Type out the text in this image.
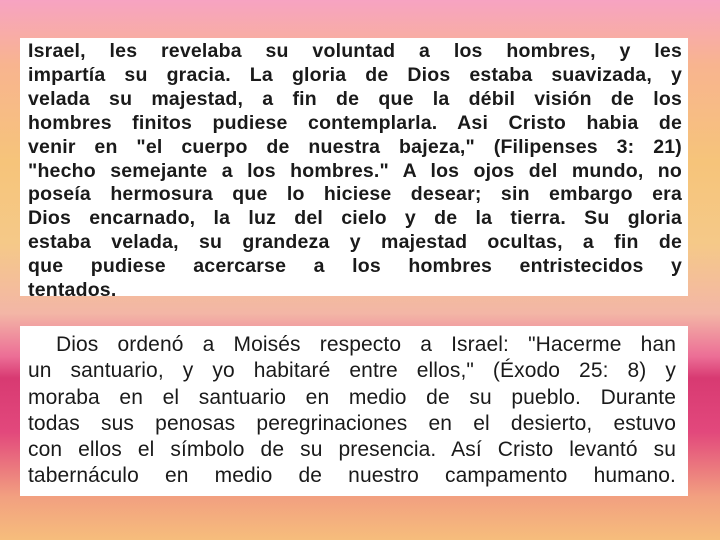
Israel, les revelaba su voluntad a los hombres, y les
impartía su gracia. La gloria de Dios estaba suavizada, y
velada su majestad, a fin de que la débil visión de los
hombres finitos pudiese contemplarla. Asi Cristo habia de
venir en "el cuerpo de nuestra bajeza," (Filipenses 3: 21)
"hecho semejante a los hombres." A los ojos del mundo, no
poseía hermosura que lo hiciese desear; sin embargo era
Dios encarnado, la luz del cielo y de la tierra. Su gloria
estaba velada, su grandeza y majestad ocultas, a fin de
que pudiese acercarse a los hombres entristecidos y
tentados.
Dios ordenó a Moisés respecto a Israel: "Hacerme han
un santuario, y yo habitaré entre ellos," (Éxodo 25: 8) y
moraba en el santuario en medio de su pueblo. Durante
todas sus penosas peregrinaciones en el desierto, estuvo
con ellos el símbolo de su presencia. Así Cristo levantó su
tabernáculo en medio de nuestro campamento humano.
